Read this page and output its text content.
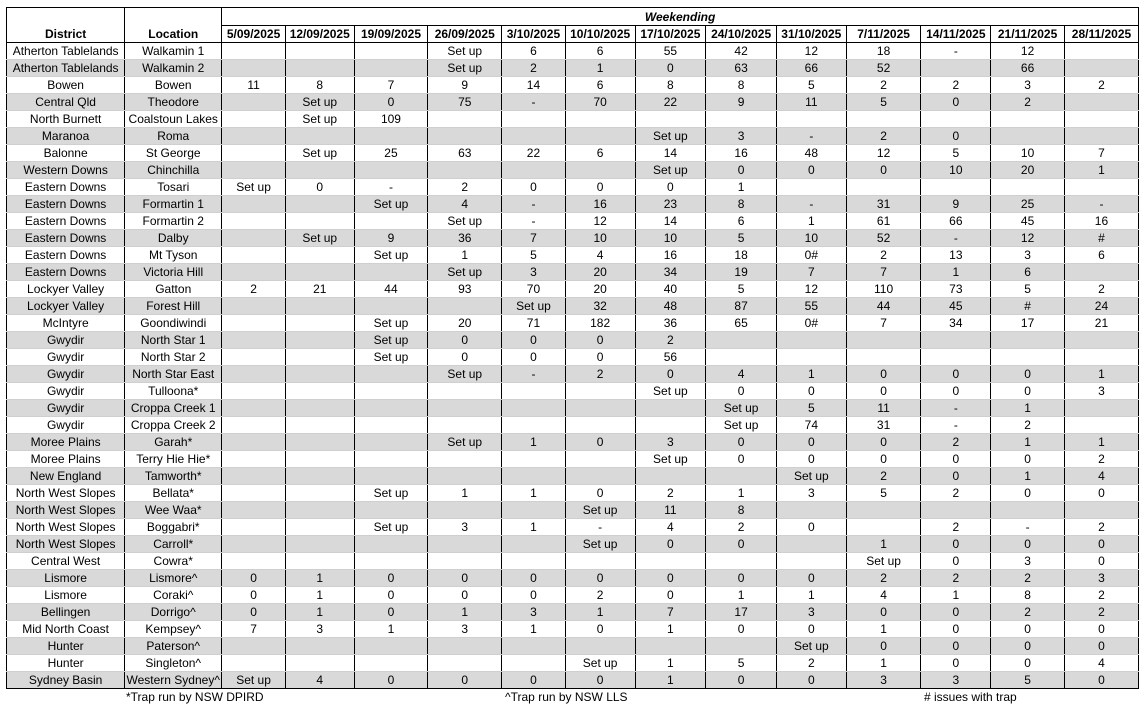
		Weekending												
District	Location	5/09/2025	12/09/2025	19/09/2025	26/09/2025	3/10/2025	10/10/2025	17/10/2025	24/10/2025	31/10/2025	7/11/2025	14/11/2025	21/11/2025	28/11/2025
Atherton Tablelands	Walkamin 1				Set up	6	6	55	42	12	18	-	12	
Atherton Tablelands	Walkamin 2				Set up	2	1	0	63	66	52		66	
Bowen	Bowen	11	8	7	9	14	6	8	8	5	2	2	3	2
Central Qld	Theodore		Set up	0	75	-	70	22	9	11	5	0	2	
North Burnett	Coalstoun Lakes		Set up	109										
Maranoa	Roma							Set up	3	-	2	0		
Balonne	St George		Set up	25	63	22	6	14	16	48	12	5	10	7
Western Downs	Chinchilla							Set up	0	0	0	10	20	1
Eastern Downs	Tosari	Set up	0	-	2	0	0	0	1					
Eastern Downs	Formartin 1			Set up	4	-	16	23	8	-	31	9	25	-
Eastern Downs	Formartin 2				Set up	-	12	14	6	1	61	66	45	16
Eastern Downs	Dalby		Set up	9	36	7	10	10	5	10	52	-	12	#
Eastern Downs	Mt Tyson			Set up	1	5	4	16	18	0#	2	13	3	6
Eastern Downs	Victoria Hill				Set up	3	20	34	19	7	7	1	6	
Lockyer Valley	Gatton	2	21	44	93	70	20	40	5	12	110	73	5	2
Lockyer Valley	Forest Hill					Set up	32	48	87	55	44	45	#	24
McIntyre	Goondiwindi			Set up	20	71	182	36	65	0#	7	34	17	21
Gwydir	North Star 1			Set up	0	0	0	2						
Gwydir	North Star 2			Set up	0	0	0	56						
Gwydir	North Star East				Set up	-	2	0	4	1	0	0	0	1
Gwydir	Tulloona*							Set up	0	0	0	0	0	3
Gwydir	Croppa Creek 1								Set up	5	11	-	1	
Gwydir	Croppa Creek 2								Set up	74	31	-	2	
Moree Plains	Garah*				Set up	1	0	3	0	0	0	2	1	1
Moree Plains	Terry Hie Hie*							Set up	0	0	0	0	0	2
New England	Tamworth*									Set up	2	0	1	4
North West Slopes	Bellata*			Set up	1	1	0	2	1	3	5	2	0	0
North West Slopes	Wee Waa*						Set up	11	8					
North West Slopes	Boggabri*			Set up	3	1	-	4	2	0		2	-	2
North West Slopes	Carroll*						Set up	0	0		1	0	0	0
Central West	Cowra*										Set up	0	3	0
Lismore	Lismore^	0	1	0	0	0	0	0	0	0	2	2	2	3
Lismore	Coraki^	0	1	0	0	0	2	0	1	1	4	1	8	2
Bellingen	Dorrigo^	0	1	0	1	3	1	7	17	3	0	0	2	2
Mid North Coast	Kempsey^	7	3	1	3	1	0	1	0	0	1	0	0	0
Hunter	Paterson^									Set up	0	0	0	0
Hunter	Singleton^						Set up	1	5	2	1	0	0	4
Sydney Basin	Western Sydney^	Set up	4	0	0	0	0	1	0	0	3	3	5	0
*Trap run by NSW DPIRD	^Trap run by NSW LLS	# issues with trap
